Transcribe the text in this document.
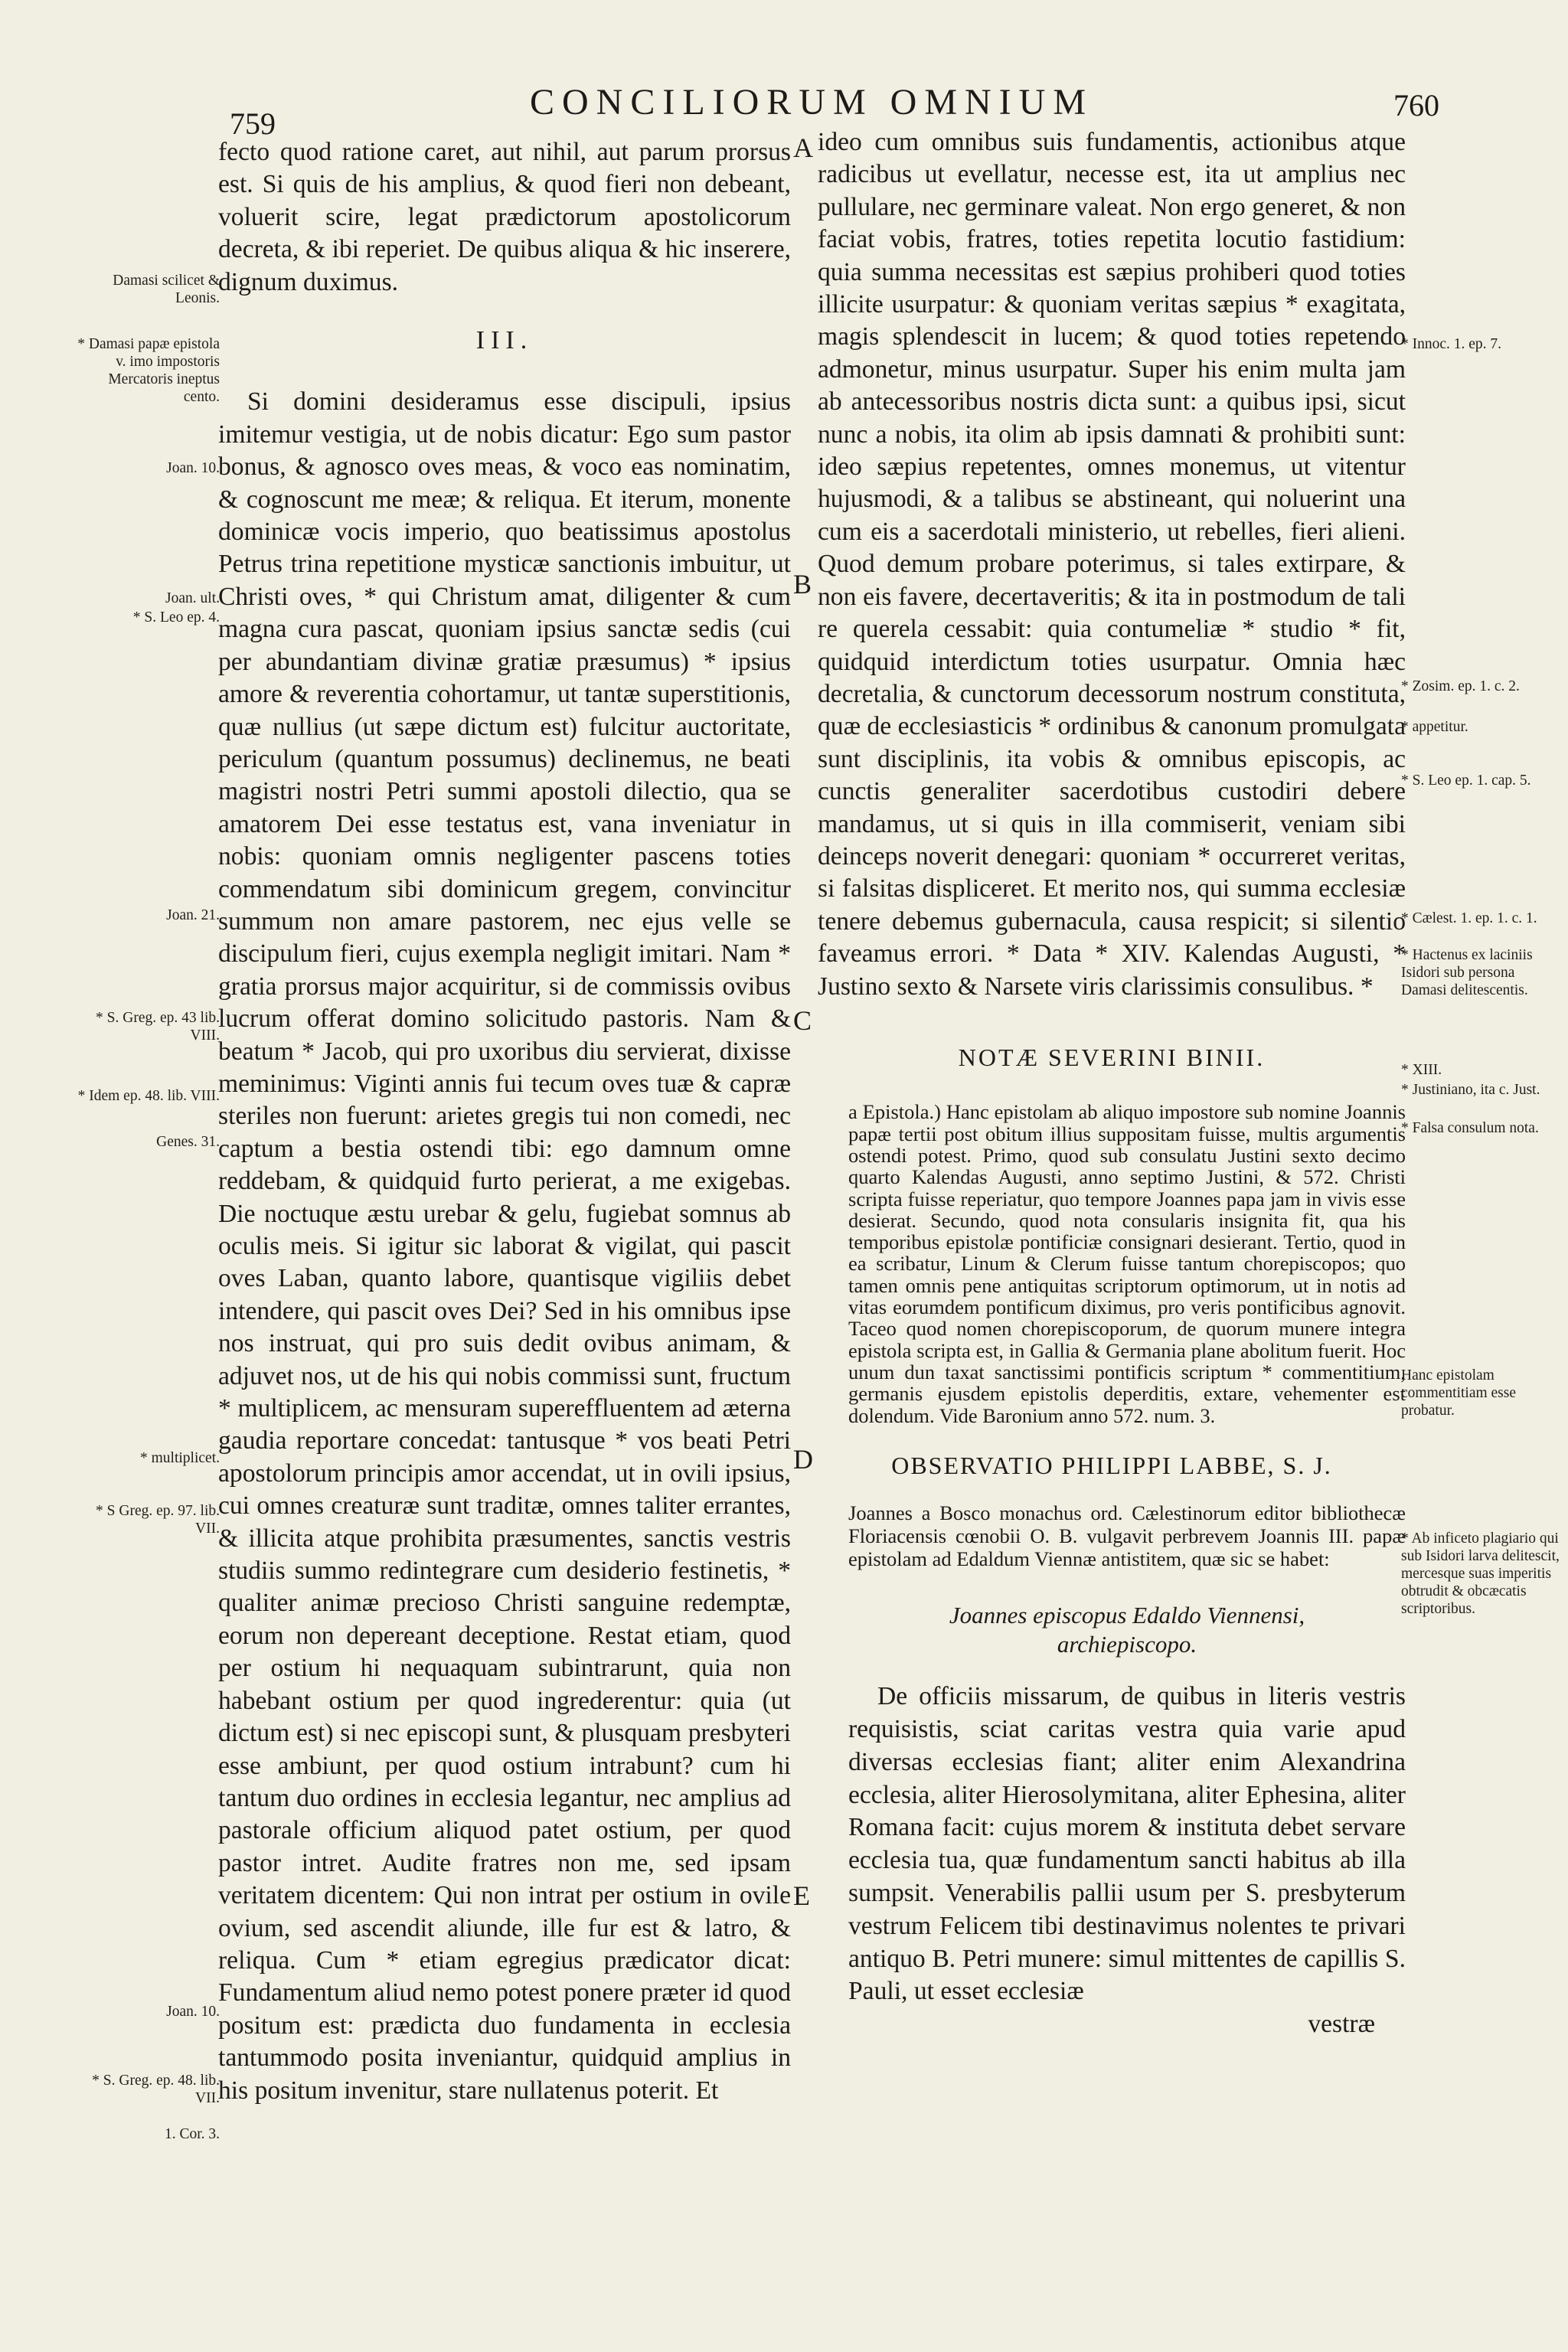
759
CONCILIORUM OMNIUM	760

fecto quod ratione caret, aut nihil, aut parum prorsus est. Si quis de his amplius, & quod fieri non debeant, voluerit scire, legat prædictorum apostolicorum decreta, & ibi reperiet. De quibus aliqua & hic inserere, dignum duximus.

III.

Si domini desideramus esse discipuli, ipsius imitemur vestigia, ut de nobis dicatur: Ego sum pastor bonus, & agnosco oves meas, & voco eas nominatim, & cognoscunt me meæ; & reliqua. Et iterum, monente dominicæ vocis imperio, quo beatissimus apostolus Petrus trina repetitione mysticæ sanctionis imbuitur, ut Christi oves, * qui Christum amat, diligenter & cum magna cura pascat, quoniam ipsius sanctæ sedis (cui per abundantiam divinæ gratiæ præsumus) * ipsius amore & reverentia cohortamur, ut tantæ superstitionis, quæ nullius (ut sæpe dictum est) fulcitur auctoritate, periculum (quantum possumus) declinemus, ne beati magistri nostri Petri summi apostoli dilectio, qua se amatorem Dei esse testatus est, vana inveniatur in nobis: quoniam omnis negligenter pascens toties commendatum sibi dominicum gregem, convincitur summum non amare pastorem, nec ejus velle se discipulum fieri, cujus exempla negligit imitari. Nam * gratia prorsus major acquiritur, si de commissis ovibus lucrum offerat domino solicitudo pastoris. Nam & beatum * Jacob, qui pro uxoribus diu servierat, dixisse meminimus: Viginti annis fui tecum oves tuæ & capræ steriles non fuerunt: arietes gregis tui non comedi, nec captum a bestia ostendi tibi: ego damnum omne reddebam, & quidquid furto perierat, a me exigebas. Die noctuque æstu urebar & gelu, fugiebat somnus ab oculis meis. Si igitur sic laborat & vigilat, qui pascit oves Laban, quanto labore, quantisque vigiliis debet intendere, qui pascit oves Dei? Sed in his omnibus ipse nos instruat, qui pro suis dedit ovibus animam, & adjuvet nos, ut de his qui nobis commissi sunt, fructum * multiplicem, ac mensuram supereffluentem ad æterna gaudia reportare concedat: tantusque * vos beati Petri apostolorum principis amor accendat, ut in ovili ipsius, cui omnes creaturæ sunt traditæ, omnes taliter errantes, & illicita atque prohibita præsumentes, sanctis vestris studiis summo redintegrare cum desiderio festinetis, * qualiter animæ precioso Christi sanguine redemptæ, eorum non depereant deceptione. Restat etiam, quod per ostium hi nequaquam subintrarunt, quia non habebant ostium per quod ingrederentur: quia (ut dictum est) si nec episcopi sunt, & plusquam presbyteri esse ambiunt, per quod ostium intrabunt? cum hi tantum duo ordines in ecclesia legantur, nec amplius ad pastorale officium aliquod patet ostium, per quod pastor intret. Audite fratres non me, sed ipsam veritatem dicentem: Qui non intrat per ostium in ovile ovium, sed ascendit aliunde, ille fur est & latro, & reliqua. Cum * etiam egregius prædicator dicat: Fundamentum aliud nemo potest ponere præter id quod positum est: prædicta duo fundamenta in ecclesia tantummodo posita inveniantur, quidquid amplius in his positum invenitur, stare nullatenus poterit. Et

ideo cum omnibus suis fundamentis, actionibus atque radicibus ut evellatur, necesse est, ita ut amplius nec pullulare, nec germinare valeat. Non ergo generet, & non faciat vobis, fratres, toties repetita locutio fastidium: quia summa necessitas est sæpius prohiberi quod toties illicite usurpatur: & quoniam veritas sæpius * exagitata, magis splendescit in lucem; & quod toties repetendo admonetur, minus usurpatur. Super his enim multa jam ab antecessoribus nostris dicta sunt: a quibus ipsi, sicut nunc a nobis, ita olim ab ipsis damnati & prohibiti sunt: ideo sæpius repetentes, omnes monemus, ut vitentur hujusmodi, & a talibus se abstineant, qui noluerint una cum eis a sacerdotali ministerio, ut rebelles, fieri alieni. Quod demum probare poterimus, si tales extirpare, & non eis favere, decertaveritis; & ita in postmodum de tali re querela cessabit: quia contumeliæ * studio * fit, quidquid interdictum toties usurpatur. Omnia hæc decretalia, & cunctorum decessorum nostrum constituta, quæ de ecclesiasticis * ordinibus & canonum promulgata sunt disciplinis, ita vobis & omnibus episcopis, ac cunctis generaliter sacerdotibus custodiri debere mandamus, ut si quis in illa commiserit, veniam sibi deinceps noverit denegari: quoniam * occurreret veritas, si falsitas displiceret. Et merito nos, qui summa ecclesiæ tenere debemus gubernacula, causa respicit; si silentio faveamus errori. * Data * XIV. Kalendas Augusti, * Justino sexto & Narsete viris clarissimis consulibus. *

NOTÆ SEVERINI BINII.

a Epistola.) Hanc epistolam ab aliquo impostore sub nomine Joannis papæ tertii post obitum illius suppositam fuisse, multis argumentis ostendi potest. Primo, quod sub consulatu Justini sexto decimo quarto Kalendas Augusti, anno septimo Justini, & 572. Christi scripta fuisse reperiatur, quo tempore Joannes papa jam in vivis esse desierat. Secundo, quod nota consularis insignita fit, qua his temporibus epistolæ pontificiæ consignari desierant. Tertio, quod in ea scribatur, Linum & Clerum fuisse tantum chorepiscopos; quo tamen omnis pene antiquitas scriptorum optimorum, ut in notis ad vitas eorumdem pontificum diximus, pro veris pontificibus agnovit. Taceo quod nomen chorepiscoporum, de quorum munere integra epistola scripta est, in Gallia & Germania plane abolitum fuerit. Hoc unum dun taxat sanctissimi pontificis scriptum * commentitium, germanis ejusdem epistolis deperditis, extare, vehementer est dolendum. Vide Baronium anno 572. num. 3.

OBSERVATIO PHILIPPI LABBE, S. J.

Joannes a Bosco monachus ord. Cælestinorum editor bibliothecæ Floriacensis cœnobii O. B. vulgavit perbrevem Joannis III. papæ epistolam ad Edaldum Viennæ antistitem, quæ sic se habet:

Joannes episcopus Edaldo Viennensi,
archiepiscopo.

De officiis missarum, de quibus in literis vestris requisistis, sciat caritas vestra quia varie apud diversas ecclesias fiant; aliter enim Alexandrina ecclesia, aliter Hierosolymitana, aliter Ephesina, aliter Romana facit: cujus morem & instituta debet servare ecclesia tua, quæ fundamentum sancti habitus ab illa sumpsit. Venerabilis pallii usum per S. presbyterum vestrum Felicem tibi destinavimus nolentes te privari antiquo B. Petri munere: simul mittentes de capillis S. Pauli, ut esset ecclesiæ

vestræ

A
B
C
D
E
Damasi scilicet & Leonis.
* Damasi papæ epistola v. imo impostoris Mercatoris ineptus cento.
Joan. 10.
Joan. ult.
* S. Leo ep. 4.
Joan. 21.
* S. Greg. ep. 43 lib. VIII.
* Idem ep. 48. lib. VIII.
Genes. 31.
* multiplicet.
* S Greg. ep. 97. lib. VII.
Joan. 10.
* S. Greg. ep. 48. lib. VII.
1. Cor. 3.
* Innoc. 1. ep. 7.
* Zosim. ep. 1. c. 2.
* appetitur.
* S. Leo ep. 1. cap. 5.
* Cælest. 1. ep. 1. c. 1.
* Hactenus ex laciniis Isidori sub persona Damasi delitescentis.
* XIII.
* Justiniano, ita c. Just.
* Falsa consulum nota.
Hanc epistolam commentitiam esse probatur.
* Ab inficeto plagiario qui sub Isidori larva delitescit, mercesque suas imperitis obtrudit & obcæcatis scriptoribus.
